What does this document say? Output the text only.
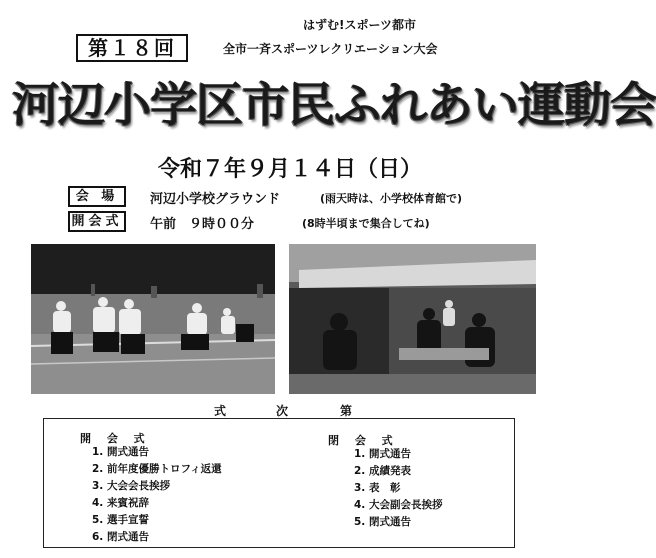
第１８回
はずむ!スポーツ都市
全市一斉スポーツレクリエーション大会
河辺小学区市民ふれあい運動会
令和７年９月１４日（日）
会 場	河辺小学校グラウンド	(雨天時は、小学校体育館で)
開会式 午前　９時００分	(8時半頃まで集合してね)
式	次	第
開 会 式
1. 開式通告
2. 前年度優勝トロフィ返還
3. 大会会長挨拶
4. 来賓祝辞
5. 選手宣誓
6. 閉式通告
閉 会 式
1. 開式通告
2. 成績発表
3. 表　彰
4. 大会副会長挨拶
5. 閉式通告
